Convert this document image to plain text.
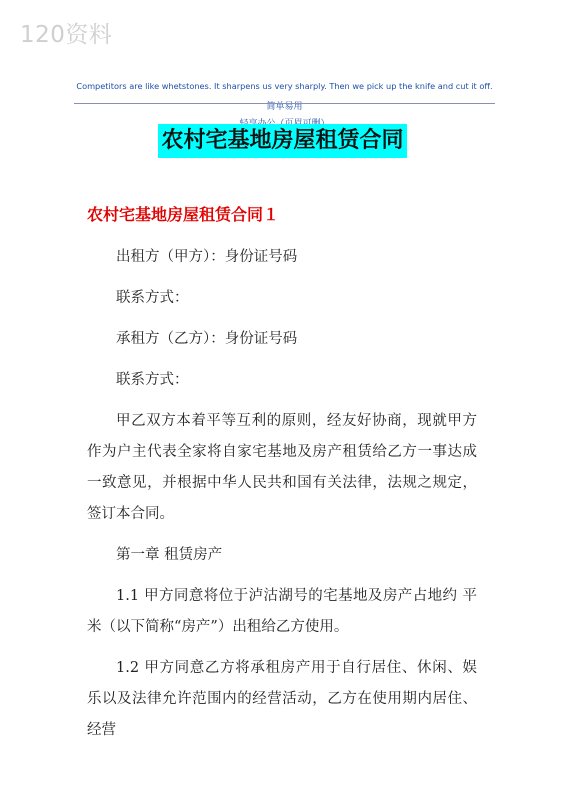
120资料
Competitors are like whetstones. It sharpens us very sharply. Then we pick up the knife and cut it off.简单易用
农村宅基地房屋租赁合同
农村宅基地房屋租赁合同１

出租方（甲方）：身份证号码

联系方式：

承租方（乙方）：身份证号码

联系方式：

甲乙双方本着平等互利的原则，经友好协商，现就甲方作为户主代表全家将自家宅基地及房产租赁给乙方一事达成一致意见，并根据中华人民共和国有关法律，法规之规定，签订本合同。

第一章 租赁房产

1.1 甲方同意将位于泸沽湖号的宅基地及房产占地约 平米（以下简称“房产”）出租给乙方使用。

1.2 甲方同意乙方将承租房产用于自行居住、休闲、娱乐以及法律允许范围内的经营活动，乙方在使用期内居住、经营
